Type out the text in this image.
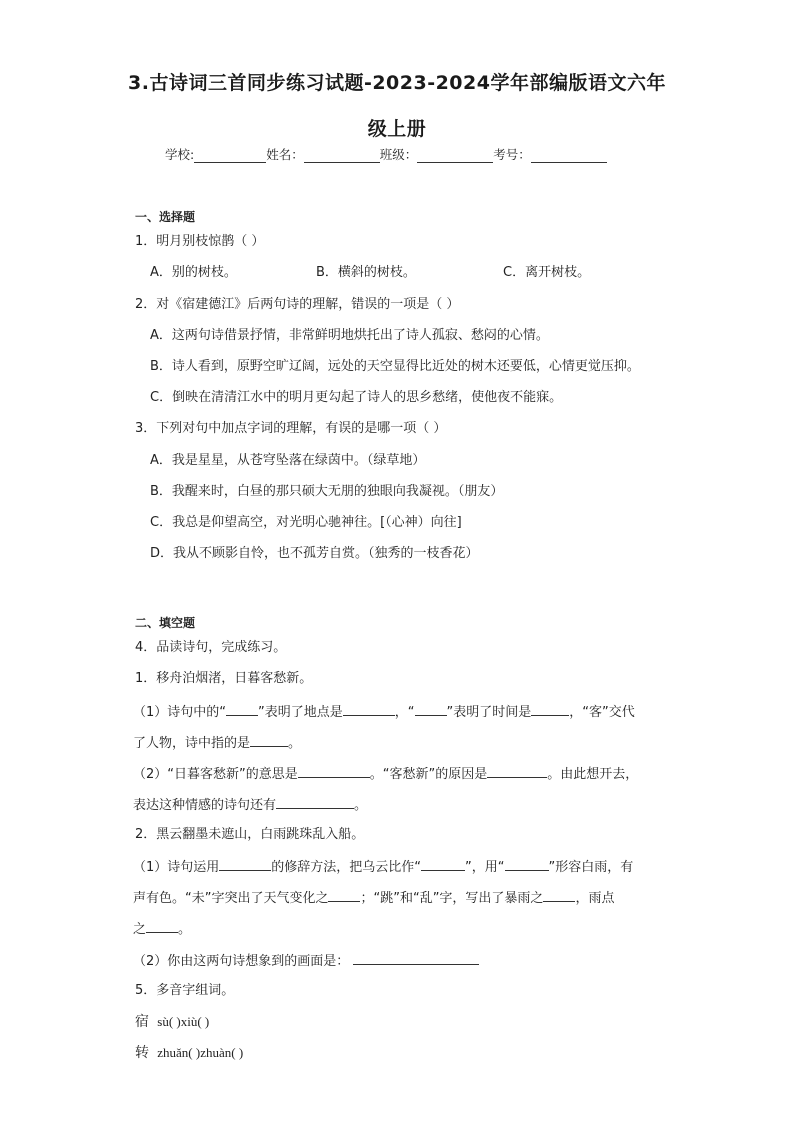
3.古诗词三首同步练习试题-2023-2024学年部编版语文六年
级上册
学校:	姓名：	班级：	考号：
一、选择题
1．明月别枝惊鹊（ ）
A．别的树枝。	B．横斜的树枝。	C．离开树枝。
2．对《宿建德江》后两句诗的理解，错误的一项是（ ）
A．这两句诗借景抒情，非常鲜明地烘托出了诗人孤寂、愁闷的心情。
B．诗人看到，原野空旷辽阔，远处的天空显得比近处的树木还要低，心情更觉压抑。
C．倒映在清清江水中的明月更勾起了诗人的思乡愁绪，使他夜不能寐。
3．下列对句中加点字词的理解，有误的是哪一项（ ）
A．我是星星，从苍穹坠落在绿茵中。（绿草地）
B．我醒来时，白昼的那只硕大无朋的独眼向我凝视。（朋友）
C．我总是仰望高空，对光明心驰神往。[（心神）向往]
D．我从不顾影自怜，也不孤芳自赏。（独秀的一枝香花）
二、填空题
4．品读诗句，完成练习。
1．移舟泊烟渚，日暮客愁新。
（1）诗句中的“ ”表明了地点是	，“ ”表明了时间是	，“客”交代
了人物，诗中指的是	。
（2）“日暮客愁新”的意思是	。“客愁新”的原因是	。由此想开去，
表达这种情感的诗句还有	。
2．黑云翻墨未遮山，白雨跳珠乱入船。
（1）诗句运用	的修辞方法，把乌云比作“	”，用“	”形容白雨，有
声有色。“未”字突出了天气变化之 ；“跳”和“乱”字，写出了暴雨之 ，雨点
之 。
（2）你由这两句诗想象到的画面是：
5．多音字组词。
宿 sù( )xiù( )
转 zhuǎn( )zhuàn( )
